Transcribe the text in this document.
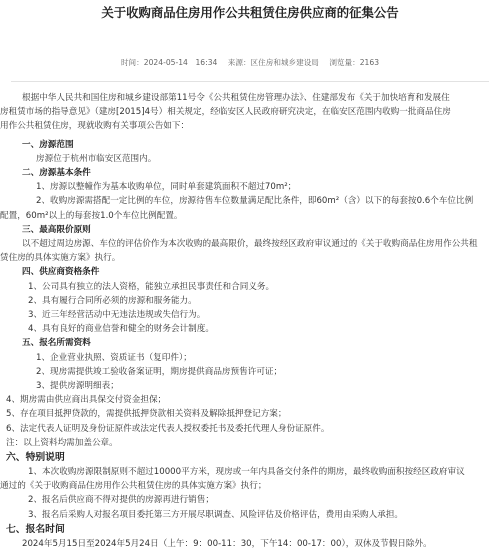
关于收购商品住房用作公共租赁住房供应商的征集公告
时间：2024-05-14　16:34 来源：区住房和城乡建设局 浏览量：2163

根据中华人民共和国住房和城乡建设部第11号令《公共租赁住房管理办法》、住建部发布《关于加快培育和发展住

房租赁市场的指导意见》（建房[2015]4号）相关规定，经临安区人民政府研究决定，在临安区范围内收购一批商品住房

用作公共租赁住房，现就收购有关事项公告如下：

一、房源范围

房源位于杭州市临安区范围内。

二、房源基本条件

1、房源以整幢作为基本收购单位，同时单套建筑面积不超过70m²；

2、收购房源需搭配一定比例的车位，房源待售车位数量满足配比条件，即60m²（含）以下的每套按0.6个车位比例

配置，60m²以上的每套按1.0个车位比例配置。

三、最高限价原则

以不超过周边房源、车位的评估价作为本次收购的最高限价，最终按经区政府审议通过的《关于收购商品住房用作公共租

赁住房的具体实施方案》执行。

四、供应商资格条件

1、公司具有独立的法人资格，能独立承担民事责任和合同义务。

2、具有履行合同所必须的房源和服务能力。

3、近三年经营活动中无违法违规或失信行为。

4、具有良好的商业信誉和健全的财务会计制度。

五、报名所需资料

1、企业营业执照、资质证书（复印件）；

2、现房需提供竣工验收备案证明，期房提供商品房预售许可证；

3、提供房源明细表；

4、期房需由供应商出具保交付资金担保；

5、存在项目抵押贷款的，需提供抵押贷款相关资料及解除抵押登记方案；

6、法定代表人证明及身份证原件或法定代表人授权委托书及委托代理人身份证原件。

注：以上资料均需加盖公章。

六、特别说明

1、本次收购房源限制原则不超过10000平方米，现房或一年内具备交付条件的期房，最终收购面积按经区政府审议

通过的《关于收购商品住房用作公共租赁住房的具体实施方案》执行；

2、报名后供应商不得对提供的房源再进行销售；

3、报名后采购人对报名项目委托第三方开展尽职调查、风险评估及价格评估，费用由采购人承担。

七、报名时间

2024年5月15日至2024年5月24日（上午：9：00-11：30，下午14：00-17：00），双休及节假日除外。
